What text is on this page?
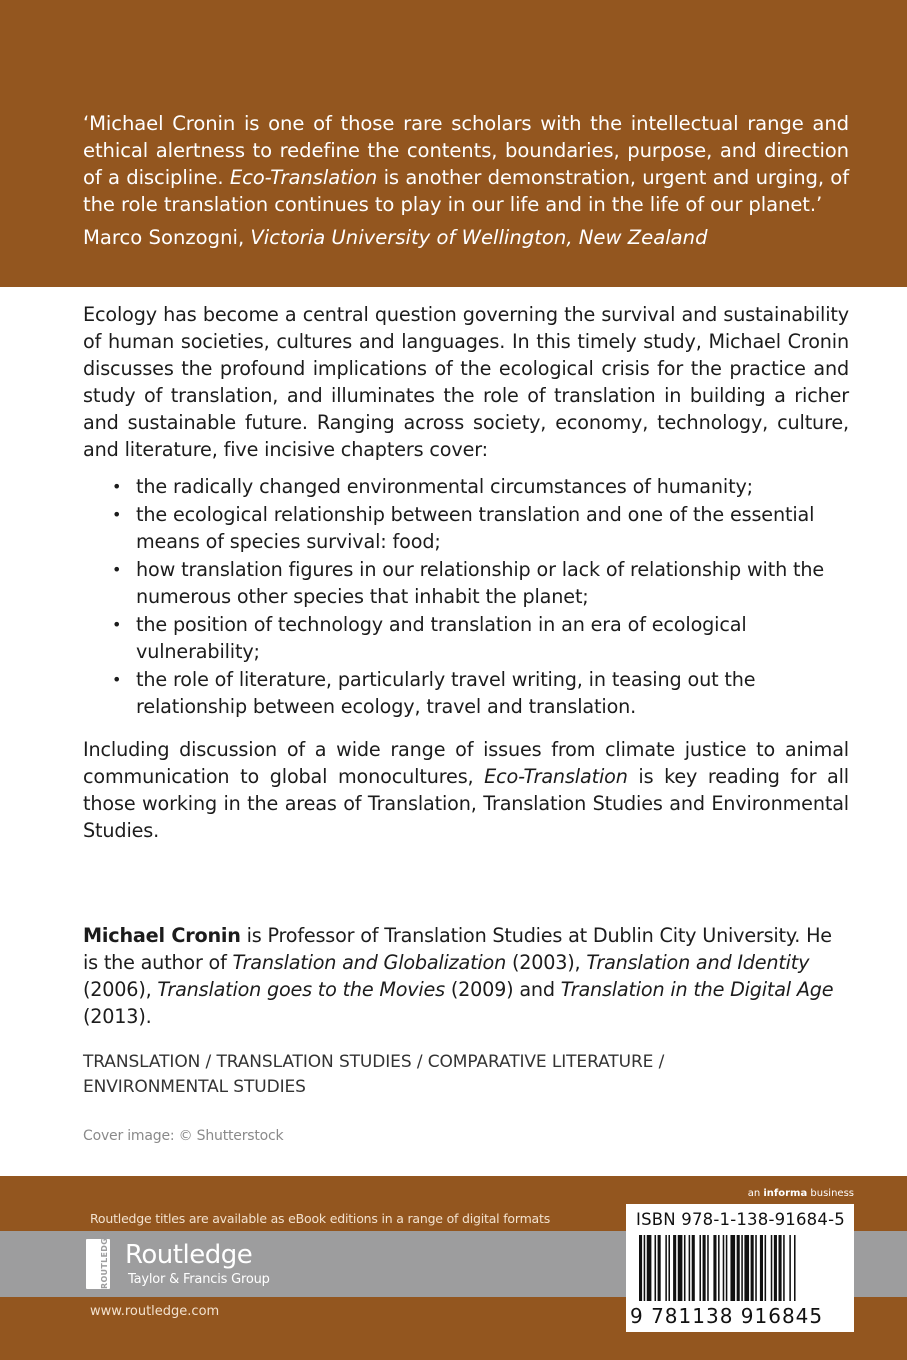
‘Michael Cronin is one of those rare scholars with the intellectual range and ethical alertness to redefine the contents, boundaries, purpose, and direction of a discipline. Eco-Translation is another demonstration, urgent and urging, of the role translation continues to play in our life and in the life of our planet.’
Marco Sonzogni, Victoria University of Wellington, New Zealand

Ecology has become a central question governing the survival and sustainability of human societies, cultures and languages. In this timely study, Michael Cronin discusses the profound implications of the ecological crisis for the practice and study of translation, and illuminates the role of translation in building a richer and sustainable future. Ranging across society, economy, technology, culture, and literature, five incisive chapters cover:

• the radically changed environmental circumstances of humanity;
• the ecological relationship between translation and one of the essential means of species survival: food;
• how translation figures in our relationship or lack of relationship with the numerous other species that inhabit the planet;
• the position of technology and translation in an era of ecological vulnerability;
• the role of literature, particularly travel writing, in teasing out the relationship between ecology, travel and translation.

Including discussion of a wide range of issues from climate justice to animal communication to global monocultures, Eco-Translation is key reading for all those working in the areas of Translation, Translation Studies and Environmental Studies.

Michael Cronin is Professor of Translation Studies at Dublin City University. He is the author of Translation and Globalization (2003), Translation and Identity (2006), Translation goes to the Movies (2009) and Translation in the Digital Age (2013).
TRANSLATION / TRANSLATION STUDIES / COMPARATIVE LITERATURE / ENVIRONMENTAL STUDIES
Cover image: © Shutterstock
an informa business
Routledge titles are available as eBook editions in a range of digital formats
ROUTLEDGE Routledge
Taylor & Francis Group
www.routledge.com
ISBN 978-1-138-91684-5
9 781138 916845
